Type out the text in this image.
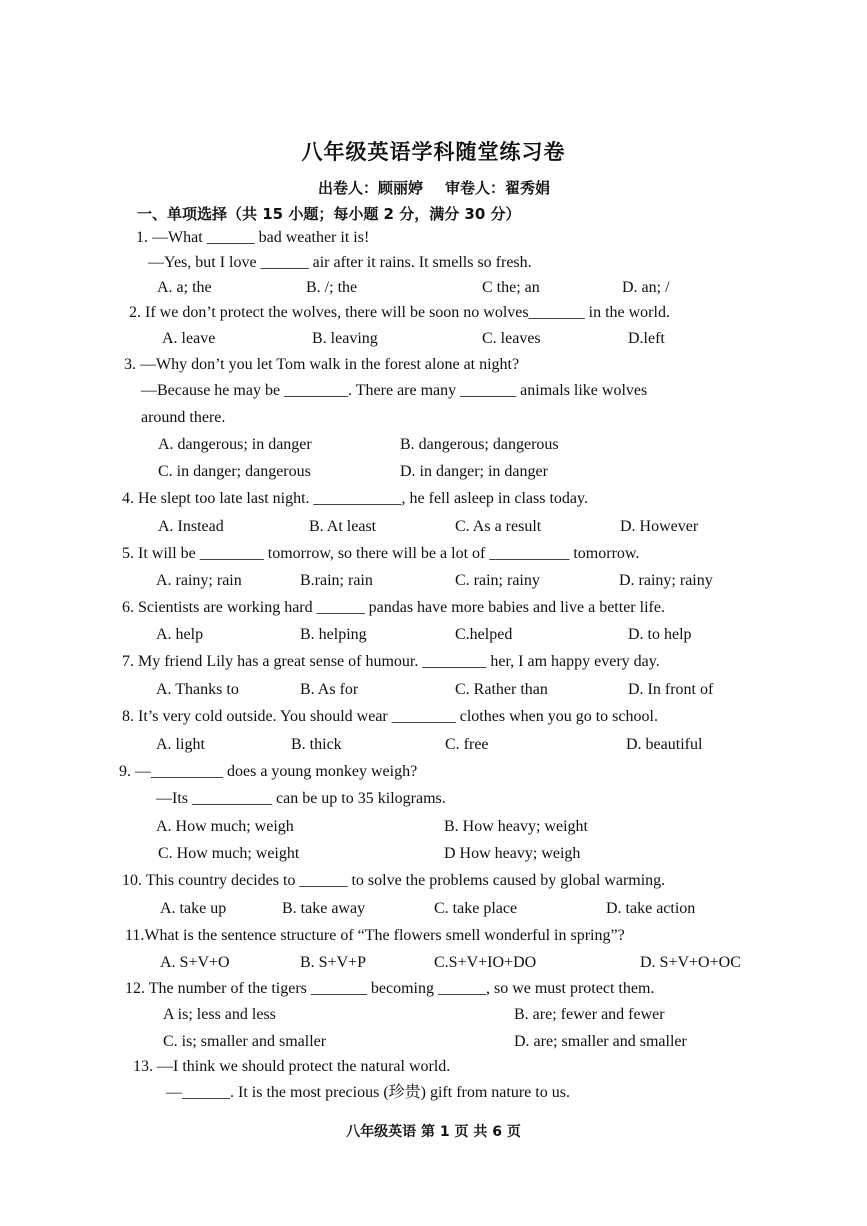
八年级英语学科随堂练习卷
出卷人：顾丽婷 审卷人：翟秀娟
一、单项选择（共 15 小题；每小题 2 分，满分 30 分）
1. —What ______ bad weather it is!
—Yes, but I love ______ air after it rains. It smells so fresh.
A. a; the	B. /; the	C the; an	D. an; /
2. If we don’t protect the wolves, there will be soon no wolves_______ in the world.
A. leave	B. leaving	C. leaves	D.left
3. —Why don’t you let Tom walk in the forest alone at night?
—Because he may be ________. There are many _______ animals like wolves
around there.
A. dangerous; in danger	B. dangerous; dangerous
C. in danger; dangerous	D. in danger; in danger
4. He slept too late last night. ___________, he fell asleep in class today.
A. Instead	B. At least	C. As a result	D. However
5. It will be ________ tomorrow, so there will be a lot of __________ tomorrow.
A. rainy; rain	B.rain; rain	C. rain; rainy	D. rainy; rainy
6. Scientists are working hard ______ pandas have more babies and live a better life.
A. help	B. helping	C.helped	D. to help
7. My friend Lily has a great sense of humour. ________ her, I am happy every day.
A. Thanks to	B. As for	C. Rather than	D. In front of
8. It’s very cold outside. You should wear ________ clothes when you go to school.
A. light	B. thick	C. free	D. beautiful
9. —_________ does a young monkey weigh?
—Its __________ can be up to 35 kilograms.
A. How much; weigh	B. How heavy; weight
C. How much; weight	D How heavy; weigh
10. This country decides to ______ to solve the problems caused by global warming.
A. take up	B. take away	C. take place	D. take action
11.What is the sentence structure of “The flowers smell wonderful in spring”?
A. S+V+O	B. S+V+P	C.S+V+IO+DO	D. S+V+O+OC
12. The number of the tigers _______ becoming ______, so we must protect them.
A is; less and less	B. are; fewer and fewer
C. is; smaller and smaller	D. are; smaller and smaller
13. —I think we should protect the natural world.
—______. It is the most precious (珍贵) gift from nature to us.
八年级英语 第 1 页 共 6 页
